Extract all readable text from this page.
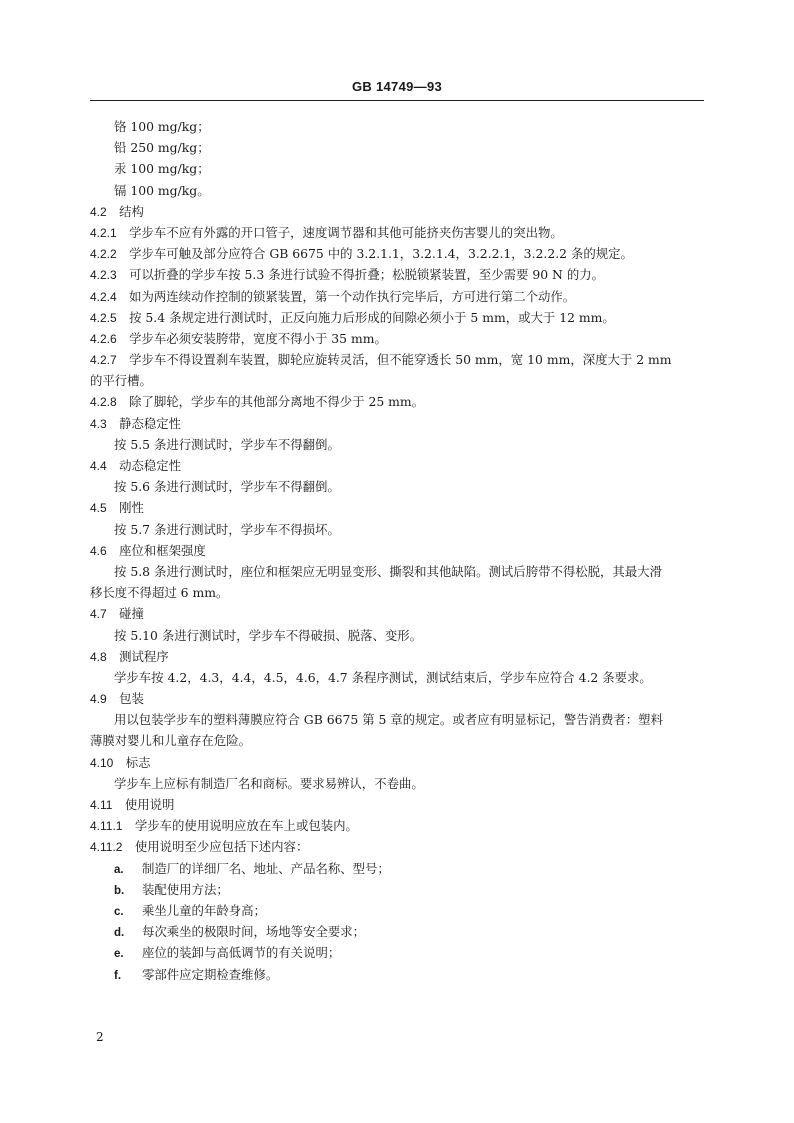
GB 14749—93
铬 100 mg/kg；
铅 250 mg/kg；
汞 100 mg/kg；
镉 100 mg/kg。
4.2  结构
4.2.1  学步车不应有外露的开口管子，速度调节器和其他可能挤夹伤害婴儿的突出物。
4.2.2  学步车可触及部分应符合 GB 6675 中的 3.2.1.1，3.2.1.4，3.2.2.1，3.2.2.2 条的规定。
4.2.3  可以折叠的学步车按 5.3 条进行试验不得折叠；松脱锁紧装置，至少需要 90 N 的力。
4.2.4  如为两连续动作控制的锁紧装置，第一个动作执行完毕后，方可进行第二个动作。
4.2.5  按 5.4 条规定进行测试时，正反向施力后形成的间隙必须小于 5 mm，或大于 12 mm。
4.2.6  学步车必须安装胯带，宽度不得小于 35 mm。
4.2.7  学步车不得设置刹车装置，脚轮应旋转灵活，但不能穿透长 50 mm，宽 10 mm，深度大于 2 mm
的平行槽。
4.2.8  除了脚轮，学步车的其他部分离地不得少于 25 mm。
4.3  静态稳定性
按 5.5 条进行测试时，学步车不得翻倒。
4.4  动态稳定性
按 5.6 条进行测试时，学步车不得翻倒。
4.5  刚性
按 5.7 条进行测试时，学步车不得损坏。
4.6  座位和框架强度
按 5.8 条进行测试时，座位和框架应无明显变形、撕裂和其他缺陷。测试后胯带不得松脱，其最大滑
移长度不得超过 6 mm。
4.7  碰撞
按 5.10 条进行测试时，学步车不得破损、脱落、变形。
4.8  测试程序
学步车按 4.2，4.3，4.4，4.5，4.6，4.7 条程序测试，测试结束后，学步车应符合 4.2 条要求。
4.9  包装
用以包装学步车的塑料薄膜应符合 GB 6675 第 5 章的规定。或者应有明显标记，警告消费者：塑料
薄膜对婴儿和儿童存在危险。
4.10  标志
学步车上应标有制造厂名和商标。要求易辨认，不卷曲。
4.11  使用说明
4.11.1  学步车的使用说明应放在车上或包装内。
4.11.2  使用说明至少应包括下述内容：
a. 制造厂的详细厂名、地址、产品名称、型号；
b. 装配使用方法；
c. 乘坐儿童的年龄身高；
d. 每次乘坐的极限时间，场地等安全要求；
e. 座位的装卸与高低调节的有关说明；
f. 零部件应定期检查维修。
2
